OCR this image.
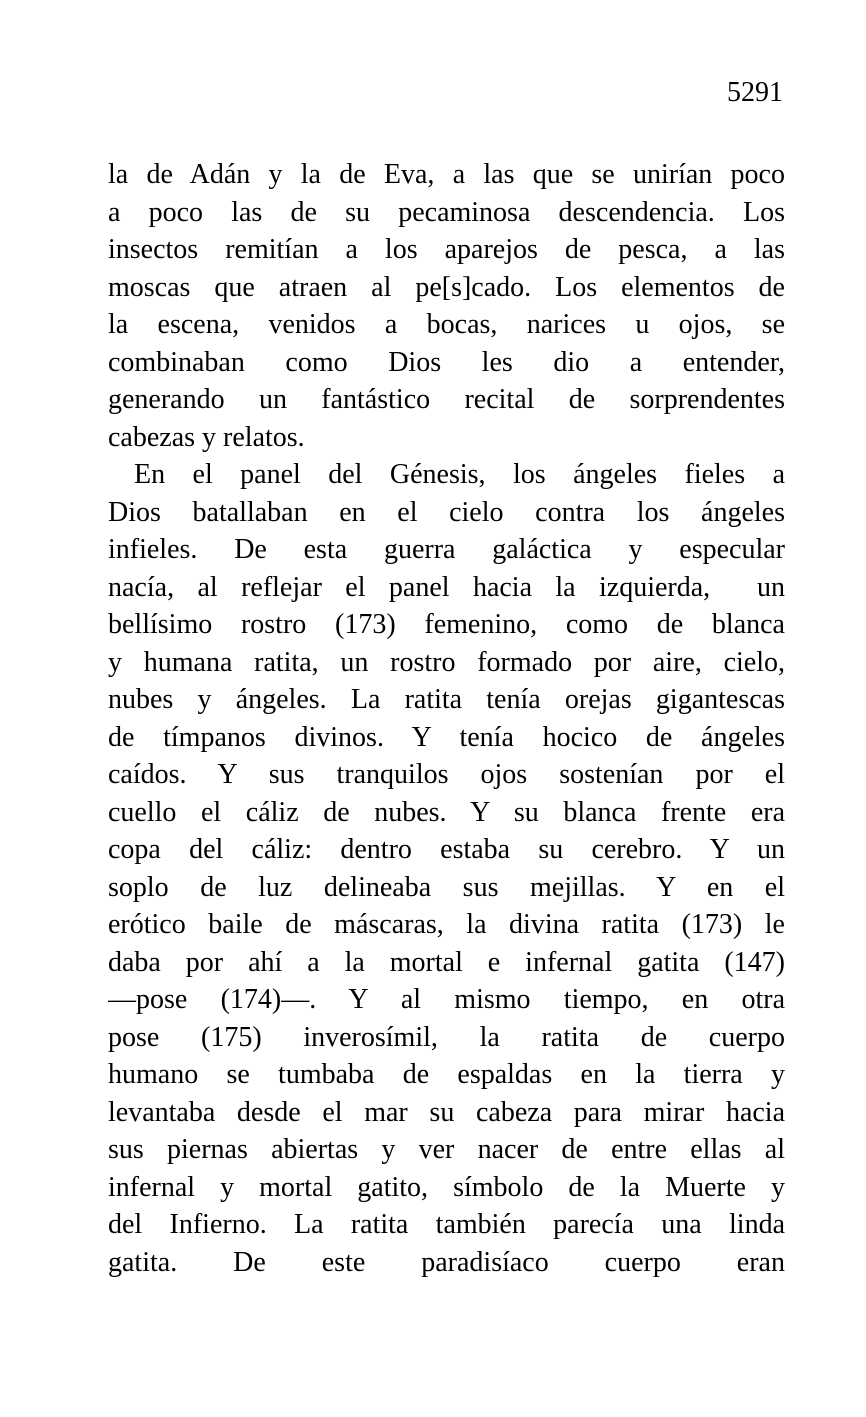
5291
la de Adán y la de Eva, a las que se unirían poco
a poco las de su pecaminosa descendencia. Los
insectos remitían a los aparejos de pesca, a las
moscas que atraen al pe[s]cado. Los elementos de
la escena, venidos a bocas, narices u ojos, se
combinaban como Dios les dio a entender,
generando un fantástico recital de sorprendentes
cabezas y relatos.
En el panel del Génesis, los ángeles fieles a
Dios batallaban en el cielo contra los ángeles
infieles. De esta guerra galáctica y especular
nacía, al reflejar el panel hacia la izquierda,  un
bellísimo rostro (173) femenino, como de blanca
y humana ratita, un rostro formado por aire, cielo,
nubes y ángeles. La ratita tenía orejas gigantescas
de tímpanos divinos. Y tenía hocico de ángeles
caídos. Y sus tranquilos ojos sostenían por el
cuello el cáliz de nubes. Y su blanca frente era
copa del cáliz: dentro estaba su cerebro. Y un
soplo de luz delineaba sus mejillas. Y en el
erótico baile de máscaras, la divina ratita (173) le
daba por ahí a la mortal e infernal gatita (147)
—pose (174)—. Y al mismo tiempo, en otra
pose (175) inverosímil, la ratita de cuerpo
humano se tumbaba de espaldas en la tierra y
levantaba desde el mar su cabeza para mirar hacia
sus piernas abiertas y ver nacer de entre ellas al
infernal y mortal gatito, símbolo de la Muerte y
del Infierno. La ratita también parecía una linda
gatita. De este paradisíaco cuerpo eran
